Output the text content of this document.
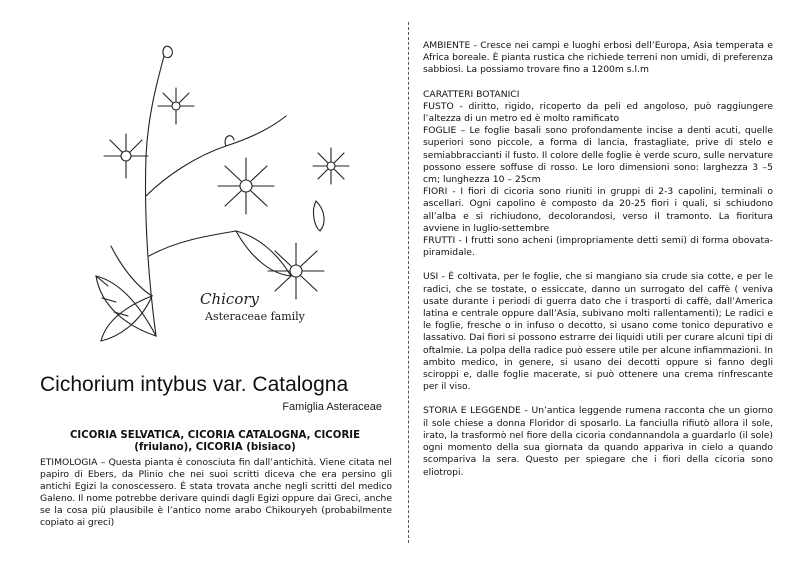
Chicory
Asteraceae family
Cichorium intybus var. Catalogna
Famiglia Asteraceae
CICORIA SELVATICA, CICORIA CATALOGNA, CICORIE
(friulano), CICORIA (bisiaco)
ETIMOLOGIA – Questa pianta è conosciuta fin dall’antichità. Viene citata nel papiro di Ebers, da Plinio che nei suoi scritti diceva che era persino gli antichi Egizi la conoscessero. È stata trovata anche negli scritti del medico Galeno. Il nome potrebbe derivare quindi dagli Egizi oppure dai Greci, anche se la cosa più plausibile è l’antico nome arabo Chikouryeh (probabilmente copiato ai greci)

AMBIENTE - Cresce nei campi e luoghi erbosi dell’Europa, Asia temperata e Africa boreale. È pianta rustica che richiede terreni non umidi, di preferenza sabbiosi. La possiamo trovare fino a 1200m s.l.m

CARATTERI BOTANICI

FUSTO - diritto, rigido, ricoperto da peli ed angoloso, può raggiungere l’altezza di un metro ed è molto ramificato

FOGLIE – Le foglie basali sono profondamente incise a denti acuti, quelle superiori sono piccole, a forma di lancia, frastagliate, prive di stelo e semiabbraccianti il fusto. Il colore delle foglie è verde scuro, sulle nervature possono essere soffuse di rosso. Le loro dimensioni sono: larghezza 3 –5 cm; lunghezza 10 – 25cm

FIORI - I fiori di cicoria sono riuniti in gruppi di 2-3 capolini, terminali o ascellari. Ogni capolino è composto da 20-25 fiori i quali, si schiudono all’alba e si richiudono, decolorandosi, verso il tramonto. La fioritura avviene in luglio-settembre

FRUTTI - I frutti sono acheni (impropriamente detti semi) di forma obovata-piramidale.

USI - È coltivata, per le foglie, che si mangiano sia crude sia cotte, e per le radici, che se tostate, o essiccate, danno un surrogato del caffè ( veniva usate durante i periodi di guerra dato che i trasporti di caffè, dall’America latina e centrale oppure dall’Asia, subivano molti rallentamenti); Le radici e le foglie, fresche o in infuso o decotto, si usano come tonico depurativo e lassativo. Dai fiori si possono estrarre dei liquidi utili per curare alcuni tipi di oftalmie. La polpa della radice può essere utile per alcune infiammazioni. In ambito medico, in genere, si usano dei decotti oppure si fanno degli sciroppi e, dalle foglie macerate, si può ottenere una crema rinfrescante per il viso.

STORIA E LEGGENDE - Un’antica leggende rumena racconta che un giorno il sole chiese a donna Floridor di sposarlo. La fanciulla rifiutò allora il sole, irato, la trasformò nel fiore della cicoria condannandola a guardarlo (il sole) ogni momento della sua giornata da quando appariva in cielo a quando scompariva la sera. Questo per spiegare che i fiori della cicoria sono eliotropi.
